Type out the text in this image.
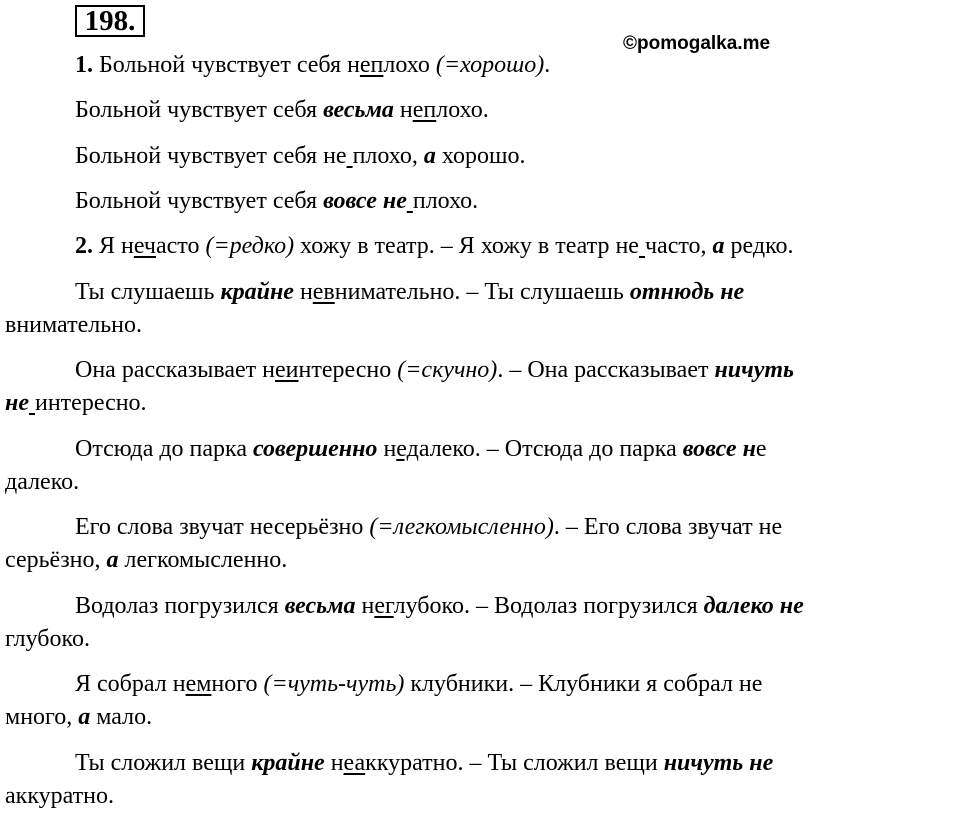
198.
©pomogalka.me
1. Больной чувствует себя неплохо (=хорошо).
Больной чувствует себя весьма неплохо.
Больной чувствует себя не плохо, а хорошо.
Больной чувствует себя вовсе не плохо.
2. Я нечасто (=редко) хожу в театр. – Я хожу в театр не часто, а редко.
Ты слушаешь крайне невнимательно. – Ты слушаешь отнюдь не
внимательно.
Она рассказывает неинтересно (=скучно). – Она рассказывает ничуть
не интересно.
Отсюда до парка совершенно недалеко. – Отсюда до парка вовсе не
далеко.
Его слова звучат несерьёзно (=легкомысленно). – Его слова звучат не
серьёзно, а легкомысленно.
Водолаз погрузился весьма неглубоко. – Водолаз погрузился далеко не
глубоко.
Я собрал немного (=чуть-чуть) клубники. – Клубники я собрал не
много, а мало.
Ты сложил вещи крайне неаккуратно. – Ты сложил вещи ничуть не
аккуратно.
